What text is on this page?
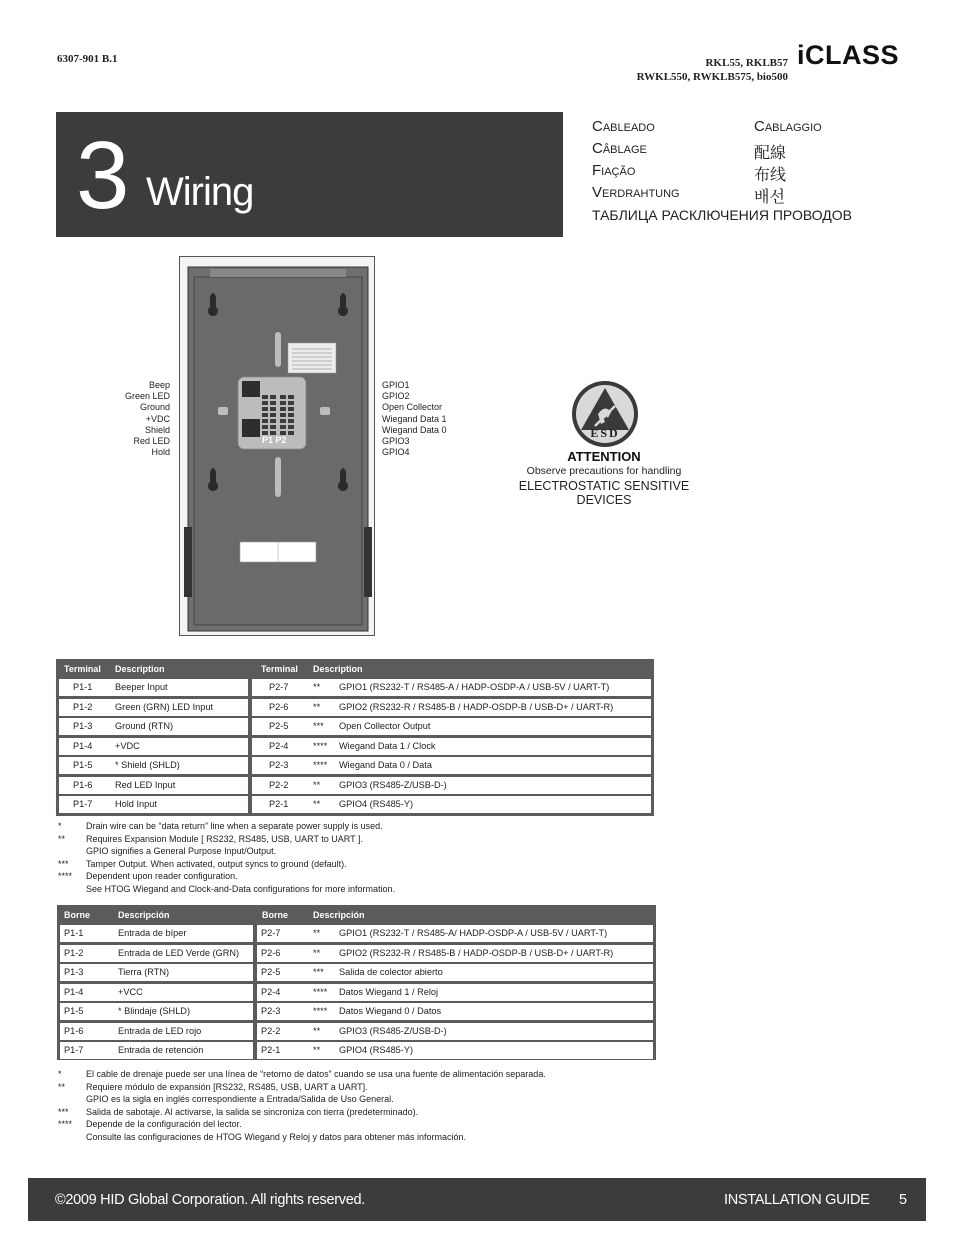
6307-901 B.1	RKL55, RKLB57
RWKL550, RWKLB575, bio500
iCLASS
3 Wiring
Cableado
Câblage
Fiação
Verdrahtung
Cablaggio
配線
布线
배선
ТАБЛИЦА РАСКЛЮЧЕНИЯ ПРОВОДОВ
P1 P2
Beep
Green LED
Ground
+VDC
Shield
Red LED
Hold
GPIO1
GPIO2
Open Collector
Wiegand Data 1
Wiegand Data 0
GPIO3
GPIO4
ESD
ATTENTION
Observe precautions for handling
ELECTROSTATIC SENSITIVE DEVICES
Terminal Description	Terminal Description
P1-1 Beeper Input	P2-7	** GPIO1 (RS232-T / RS485-A / HADP-OSDP-A / USB-5V / UART-T)
P1-2 Green (GRN) LED Input	P2-6	** GPIO2 (RS232-R / RS485-B / HADP-OSDP-B / USB-D+ / UART-R)
P1-3 Ground (RTN)	P2-5	*** Open Collector Output
P1-4 +VDC	P2-4	**** Wiegand Data 1 / Clock
P1-5 * Shield (SHLD)	P2-3	**** Wiegand Data 0 / Data
P1-6 Red LED Input	P2-2	** GPIO3 (RS485-Z/USB-D-)
P1-7 Hold Input	P2-1	** GPIO4 (RS485-Y)
*	Drain wire can be “data return” line when a separate power supply is used.
** Requires Expansion Module [ RS232, RS485, USB, UART to UART ].
GPIO signifies a General Purpose Input/Output.
*** Tamper Output. When activated, output syncs to ground (default).
**** Dependent upon reader configuration.
See HTOG Wiegand and Clock-and-Data configurations for more information.
Borne	Descripción	Borne	Descripción
P1-1	Entrada de bíper	P2-7	** GPIO1 (RS232-T / RS485-A/ HADP-OSDP-A / USB-5V / UART-T)
P1-2	Entrada de LED Verde (GRN) P2-6	** GPIO2 (RS232-R / RS485-B / HADP-OSDP-B / USB-D+ / UART-R)
P1-3	Tierra (RTN)	P2-5	*** Salida de colector abierto
P1-4	+VCC	P2-4	**** Datos Wiegand 1 / Reloj
P1-5	* Blindaje (SHLD)	P2-3	**** Datos Wiegand 0 / Datos
P1-6	Entrada de LED rojo	P2-2	** GPIO3 (RS485-Z/USB-D-)
P1-7	Entrada de retención	P2-1	** GPIO4 (RS485-Y)
*	El cable de drenaje puede ser una línea de “retorno de datos” cuando se usa una fuente de alimentación separada.
** Requiere módulo de expansión [RS232, RS485, USB, UART a UART].
GPIO es la sigla en inglés correspondiente a Entrada/Salida de Uso General.
*** Salida de sabotaje. Al activarse, la salida se sincroniza con tierra (predeterminado).
**** Depende de la configuración del lector.
Consulte las configuraciones de HTOG Wiegand y Reloj y datos para obtener más información.
©2009 HID Global Corporation. All rights reserved.	INSTALLATION GUIDE 5
